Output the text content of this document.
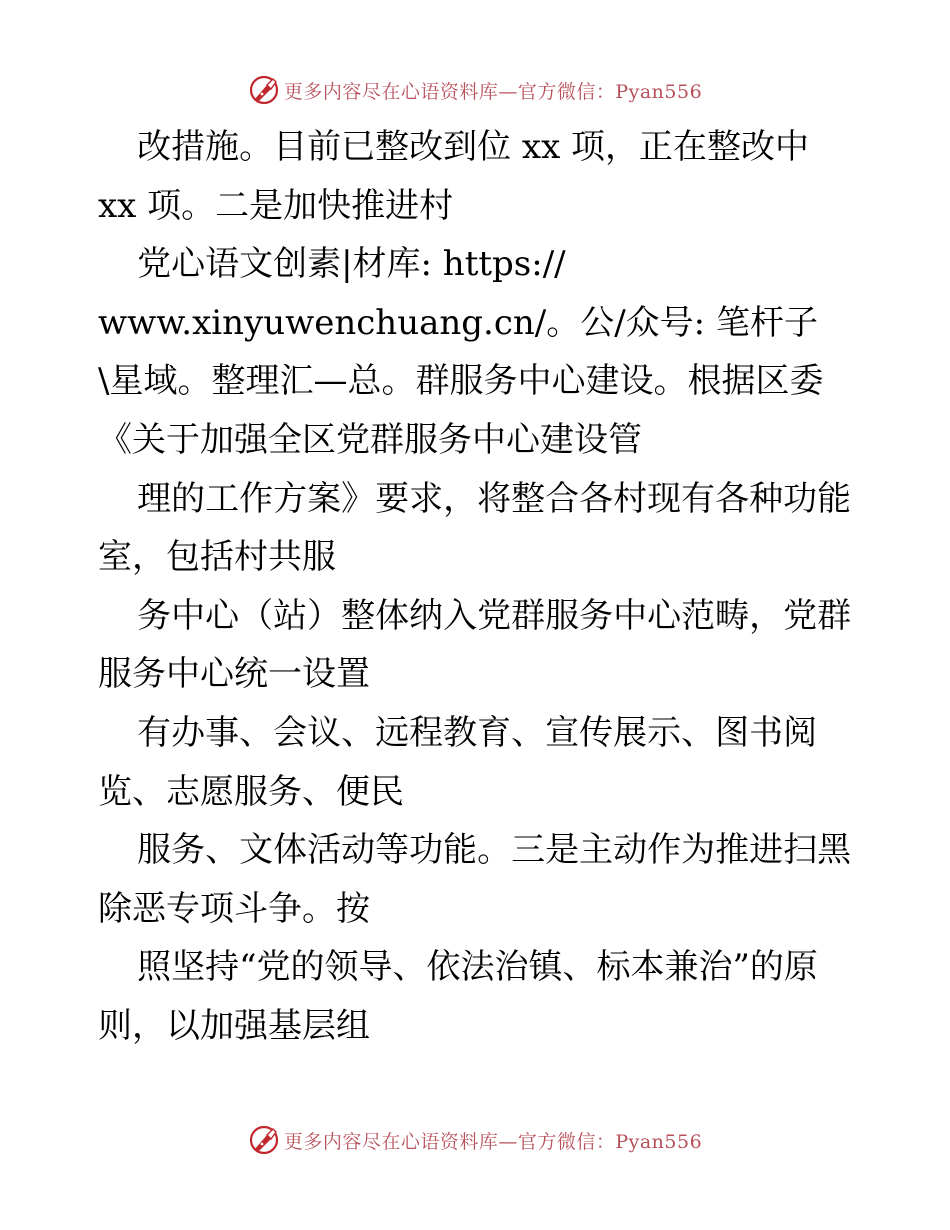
更多内容尽在心语资料库—官方微信：Pyan556

改措施。目前已整改到位 xx 项，正在整改中 xx 项。二是加快推进村

党心语文创素|材库: https:// www.xinyuwenchuang.cn/。公/众号: 笔杆子\星域。整理汇—总。群服务中心建设。根据区委《关于加强全区党群服务中心建设管

理的工作方案》要求，将整合各村现有各种功能室，包括村共服

务中心（站）整体纳入党群服务中心范畴，党群服务中心统一设置

有办事、会议、远程教育、宣传展示、图书阅览、志愿服务、便民

服务、文体活动等功能。三是主动作为推进扫黑除恶专项斗争。按

照坚持“党的领导、依法治镇、标本兼治”的原则，以加强基层组

更多内容尽在心语资料库—官方微信：Pyan556
